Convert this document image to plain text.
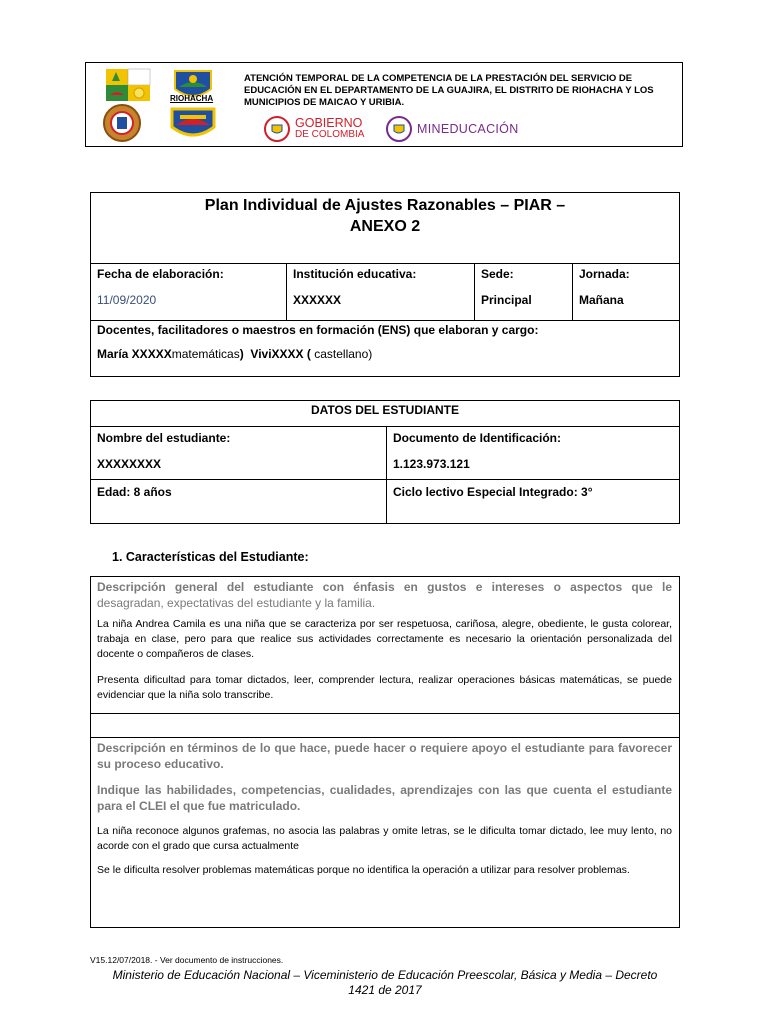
RIOHACHA
ATENCIÓN TEMPORAL DE LA COMPETENCIA DE LA PRESTACIÓN DEL SERVICIO DE EDUCACIÓN EN EL DEPARTAMENTO DE LA GUAJIRA, EL DISTRITO DE RIOHACHA Y LOS MUNICIPIOS DE MAICAO Y URIBIA.
GOBIERNO
DE COLOMBIA	MINEDUCACIÓN
Plan Individual de Ajustes Razonables – PIAR –
ANEXO 2
Fecha de elaboración:
11/09/2020
Institución educativa:
XXXXXX
Sede:
Principal
Jornada:
Mañana
Docentes, facilitadores o maestros en formación (ENS) que elaboran y cargo:
María XXXXXmatemáticas) ViviXXXX ( castellano)
DATOS DEL ESTUDIANTE
Nombre del estudiante:
XXXXXXXX
Documento de Identificación:
1.123.973.121
Edad: 8 años	Ciclo lectivo Especial Integrado: 3°
1. Características del Estudiante:
Descripción general del estudiante con énfasis en gustos e intereses o aspectos que le
desagradan, expectativas del estudiante y la familia.
La niña Andrea Camila es una niña que se caracteriza por ser respetuosa, cariñosa, alegre, obediente, le gusta colorear, trabaja en clase, pero para que realice sus actividades correctamente es necesario la orientación personalizada del docente o compañeros de clases.
Presenta dificultad para tomar dictados, leer, comprender lectura, realizar operaciones básicas matemáticas, se puede evidenciar que la niña solo transcribe.
Descripción en términos de lo que hace, puede hacer o requiere apoyo el estudiante para favorecer su proceso educativo.
Indique las habilidades, competencias, cualidades, aprendizajes con las que cuenta el estudiante para el CLEI el que fue matriculado.
La niña reconoce algunos grafemas, no asocia las palabras y omite letras, se le dificulta tomar dictado, lee muy lento, no acorde con el grado que cursa actualmente
Se le dificulta resolver problemas matemáticas porque no identifica la operación a utilizar para resolver problemas.
V15.12/07/2018. - Ver documento de instrucciones.
Ministerio de Educación Nacional – Viceministerio de Educación Preescolar, Básica y Media – Decreto
1421 de 2017
